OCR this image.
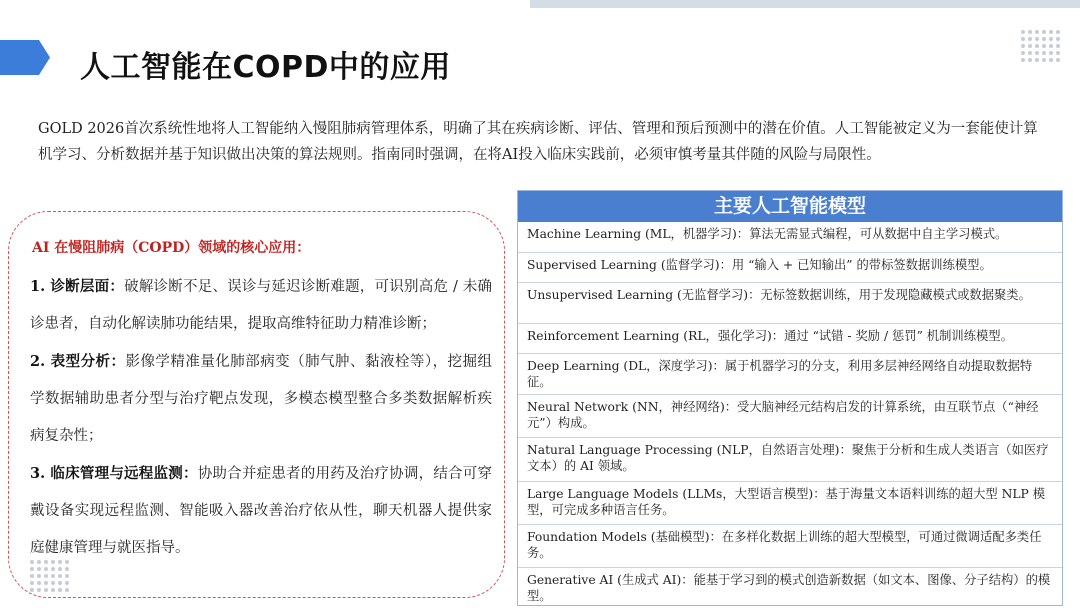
人工智能在COPD中的应用

GOLD 2026首次系统性地将人工智能纳入慢阻肺病管理体系，明确了其在疾病诊断、评估、管理和预后预测中的潜在价值。人工智能被定义为一套能使计算机学习、分析数据并基于知识做出决策的算法规则。指南同时强调，在将AI投入临床实践前，必须审慎考量其伴随的风险与局限性。

AI 在慢阻肺病（COPD）领域的核心应用：

1. 诊断层面：破解诊断不足、误诊与延迟诊断难题，可识别高危 / 未确诊患者，自动化解读肺功能结果，提取高维特征助力精准诊断；

2. 表型分析：影像学精准量化肺部病变（肺气肿、黏液栓等），挖掘组学数据辅助患者分型与治疗靶点发现，多模态模型整合多类数据解析疾病复杂性；

3. 临床管理与远程监测：协助合并症患者的用药及治疗协调，结合可穿戴设备实现远程监测、智能吸入器改善治疗依从性，聊天机器人提供家庭健康管理与就医指导。

主要人工智能模型
Machine Learning (ML，机器学习)：算法无需显式编程，可从数据中自主学习模式。
Supervised Learning (监督学习)：用 “输入 + 已知输出” 的带标签数据训练模型。
Unsupervised Learning (无监督学习)：无标签数据训练，用于发现隐藏模式或数据聚类。
Reinforcement Learning (RL，强化学习)：通过 “试错 - 奖励 / 惩罚” 机制训练模型。
Deep Learning (DL，深度学习)：属于机器学习的分支，利用多层神经网络自动提取数据特征。
Neural Network (NN，神经网络)：受大脑神经元结构启发的计算系统，由互联节点（“神经元”）构成。
Natural Language Processing (NLP，自然语言处理)：聚焦于分析和生成人类语言（如医疗文本）的 AI 领域。
Large Language Models (LLMs，大型语言模型)：基于海量文本语料训练的超大型 NLP 模型，可完成多种语言任务。
Foundation Models (基础模型)：在多样化数据上训练的超大型模型，可通过微调适配多类任务。
Generative AI (生成式 AI)：能基于学习到的模式创造新数据（如文本、图像、分子结构）的模型。
